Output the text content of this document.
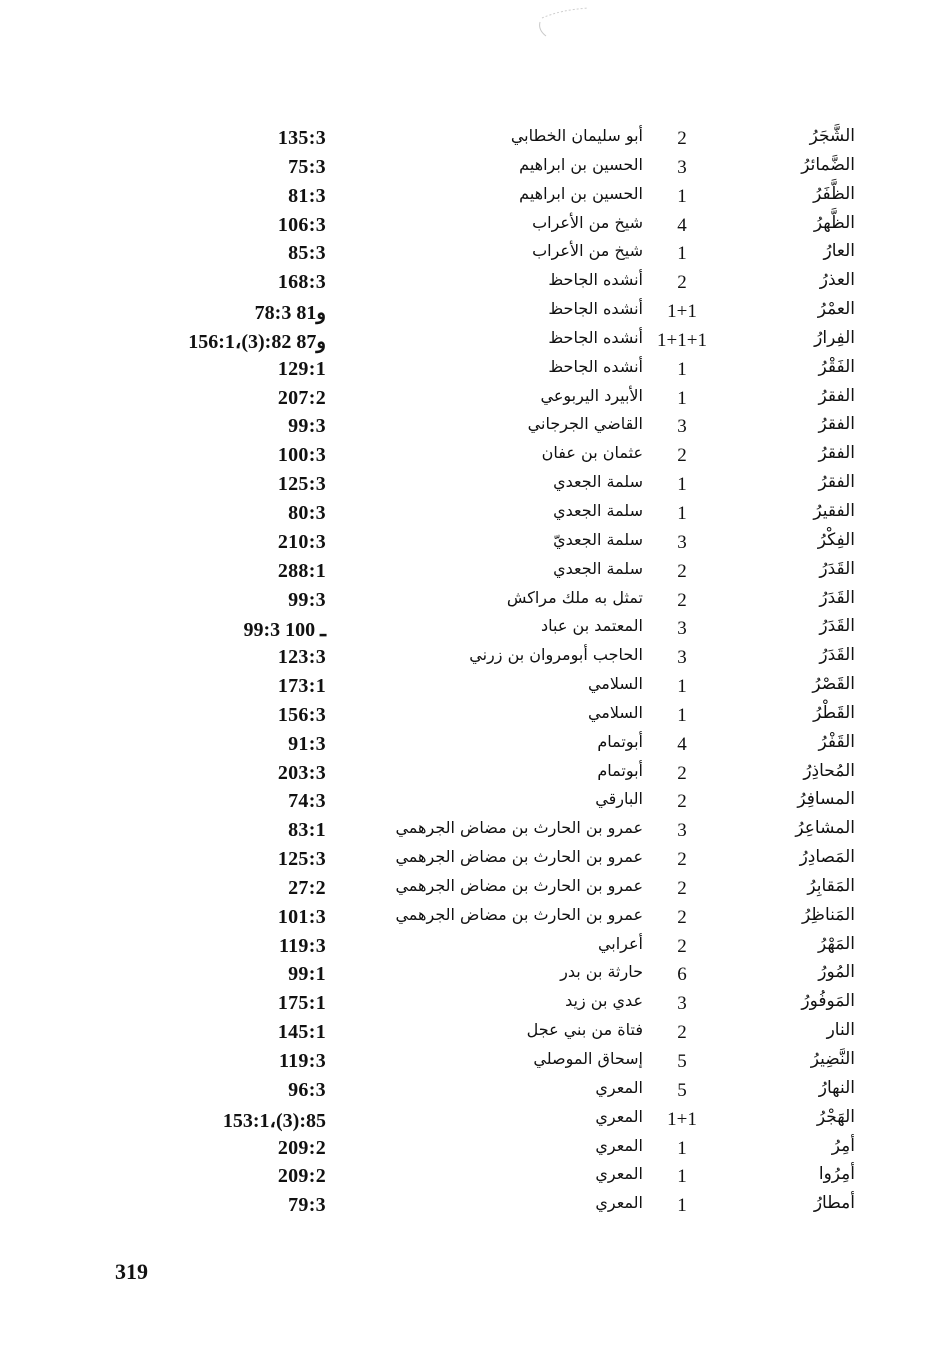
الشَّجَرُ
2
أبو سليمان الخطابي
135:3
الضَّمائرُ
3
الحسين بن ابراهيم
75:3
الظَّفَرُ
1
الحسين بن ابراهيم
81:3
الظَّهرُ
4
شيخ من الأعراب
106:3
العارُ
1
شيخ من الأعراب
85:3
العذرُ
2
أنشده الجاحظ
168:3
العمْرُ
1+1
أنشده الجاحظ
78:3 و81
الفِرارُ
1+1+1
أنشده الجاحظ
156:1،(3):82 و87
الفَقْرُ
1
أنشده الجاحظ
129:1
الفقرُ
1
الأبيرد اليربوعي
207:2
الفقرُ
3
القاضي الجرجاني
99:3
الفقرُ
2
عثمان بن عفان
100:3
الفقرُ
1
سلمة الجعدي
125:3
الفقيرُ
1
سلمة الجعدي
80:3
الفِكْرُ
3
سلمة الجعديّ
210:3
القَدَرُ
2
سلمة الجعدي
288:1
القَدَرُ
2
تمثل به ملك مراكش
99:3
القَدَرُ
3
المعتمد بن عباد
99:3 ـ 100
القَدَرُ
3
الحاجب أبومروان بن زرني
123:3
القَصْرُ
1
السلامي
173:1
القَطْرُ
1
السلامي
156:3
القَفْرُ
4
أبوتمام
91:3
المُحاذِرُ
2
أبوتمام
203:3
المسافِرُ
2
البارقي
74:3
المشاعِرُ
3
عمرو بن الحارث بن مضاض الجرهمي
83:1
المَصادِرُ
2
عمرو بن الحارث بن مضاض الجرهمي
125:3
المَقابِرُ
2
عمرو بن الحارث بن مضاض الجرهمي
27:2
المَناظِرُ
2
عمرو بن الحارث بن مضاض الجرهمي
101:3
المَهْرُ
2
أعرابي
119:3
المُورُ
6
حارثة بن بدر
99:1
المَوفُورُ
3
عدي بن زيد
175:1
النار
2
فتاة من بني عجل
145:1
النَّضِيرُ
5
إسحاق الموصلي
119:3
النهارُ
5
المعري
96:3
الهَجْرُ
1+1
المعري
153:1،(3):85
أمِرُ
1
المعري
209:2
أمِرُوا
1
المعري
209:2
أمطارُ
1
المعري
79:3
319
